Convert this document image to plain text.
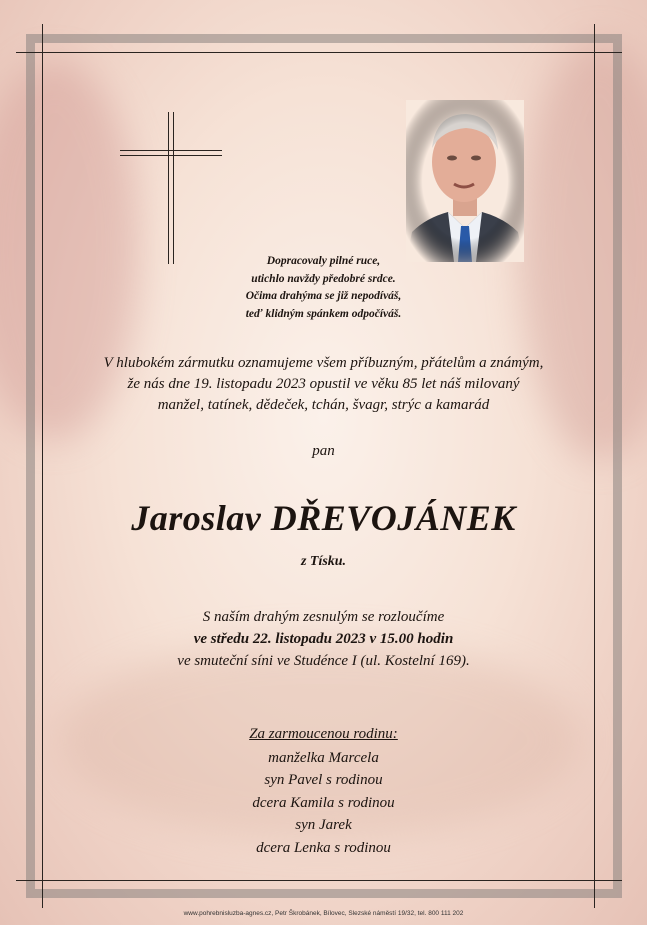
Dopracovaly pilné ruce,
utichlo navždy předobré srdce.
Očima drahýma se již nepodíváš,
teď klidným spánkem odpočíváš.
V hlubokém zármutku oznamujeme všem příbuzným, přátelům a známým,
že nás dne 19. listopadu 2023 opustil ve věku 85 let náš milovaný
manžel, tatínek, dědeček, tchán, švagr, strýc a kamarád
pan
Jaroslav DŘEVOJÁNEK
z Tísku.
S naším drahým zesnulým se rozloučíme
ve středu 22. listopadu 2023 v 15.00 hodin
ve smuteční síni ve Studénce I (ul. Kostelní 169).
Za zarmoucenou rodinu:
manželka Marcela
syn Pavel s rodinou
dcera Kamila s rodinou
syn Jarek
dcera Lenka s rodinou
www.pohrebnisluzba-agnes.cz, Petr Škrobánek, Bílovec, Slezské náměstí 19/32, tel. 800 111 202
